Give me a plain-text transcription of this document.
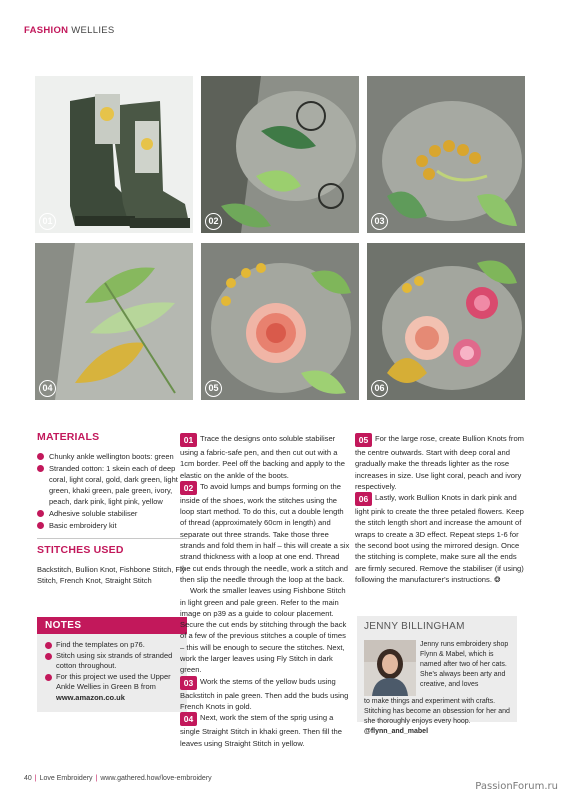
FASHION WELLIES
01	02	03
04	05	06
MATERIALS
Chunky ankle wellington boots: green
Stranded cotton: 1 skein each of deep coral, light coral, gold, dark green, light green, khaki green, pale green, ivory, peach, dark pink, light pink, yellow
Adhesive soluble stabiliser
Basic embroidery kit
STITCHES USED
Backstitch, Bullion Knot, Fishbone Stitch, Fly Stitch, French Knot, Straight Stitch
NOTES

Find the templates on p76.

Stitch using six strands of stranded cotton throughout.

For this project we used the Upper Ankle Wellies in Green B from www.amazon.co.uk

01 Trace the designs onto soluble stabiliser using a fabric-safe pen, and then cut out with a 1cm border. Peel off the backing and apply to the elastic on the ankle of the boots.
02 To avoid lumps and bumps forming on the inside of the shoes, work the stitches using the loop start method. To do this, cut a double length of thread (approximately 60cm in length) and separate out three strands. Take those three strands and fold them in half – this will create a six strand thickness with a loop at one end. Thread the cut ends through the needle, work a stitch and then slip the needle through the loop at the back.
Work the smaller leaves using Fishbone Stitch in light green and pale green. Refer to the main image on p39 as a guide to colour placement. Secure the cut ends by stitching through the back of a few of the previous stitches a couple of times – this will be enough to secure the stitches. Next, work the larger leaves using Fly Stitch in dark green.
03 Work the stems of the yellow buds using Backstitch in pale green. Then add the buds using French Knots in gold.
04 Next, work the stem of the sprig using a single Straight Stitch in khaki green. Then fill the leaves using Straight Stitch in yellow.
05 For the large rose, create Bullion Knots from the centre outwards. Start with deep coral and gradually make the threads lighter as the rose increases in size. Use light coral, peach and ivory respectively.
06 Lastly, work Bullion Knots in dark pink and light pink to create the three petaled flowers. Keep the stitch length short and increase the amount of wraps to create a 3D effect. Repeat steps 1-6 for the second boot using the mirrored design. Once the stitching is complete, make sure all the ends are firmly secured. Remove the stabiliser (if using) following the manufacturer's instructions. ❂
JENNY BILLINGHAM
Jenny runs embroidery shop Flynn & Mabel, which is named after two of her cats. She's always been arty and creative, and loves
to make things and experiment with crafts. Stitching has become an obsession for her and she thoroughly enjoys every hoop.
@flynn_and_mabel
40 | Love Embroidery | www.gathered.how/love-embroidery
PassionForum.ru
